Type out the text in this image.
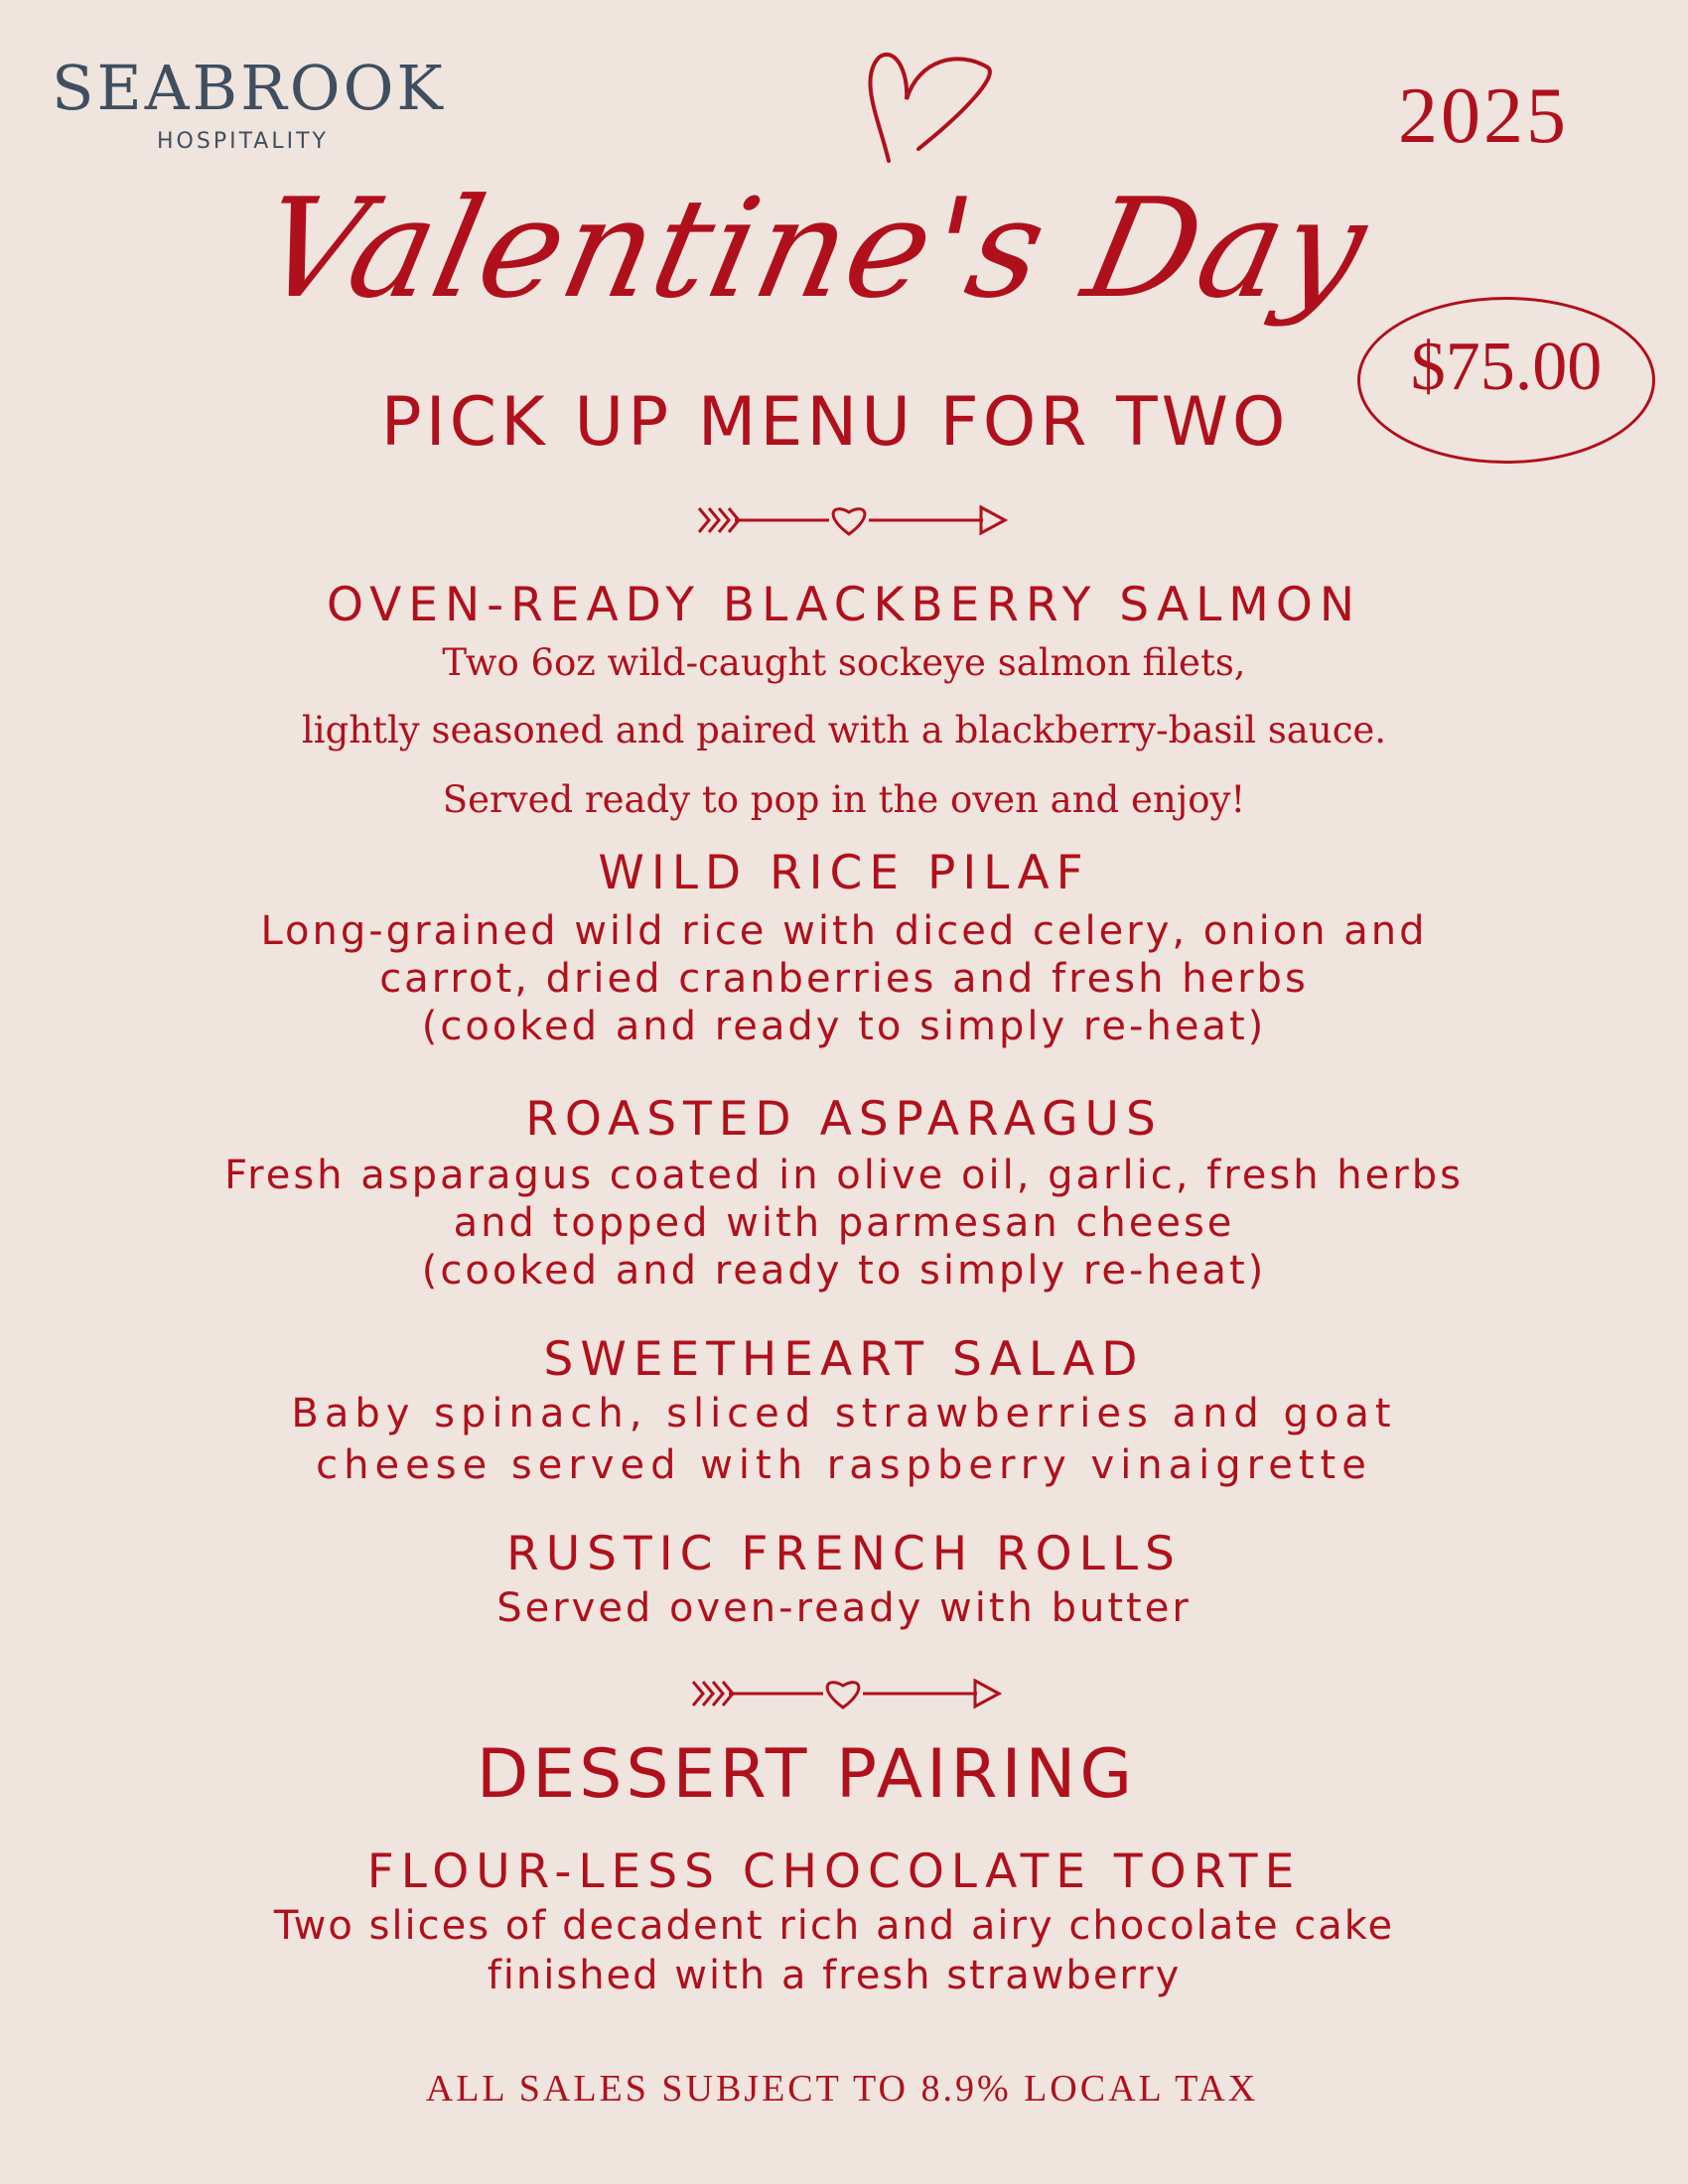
SEABROOK
HOSPITALITY	2025
Valentine's Day
$75.00
PICK UP MENU FOR TWO
OVEN-READY BLACKBERRY SALMON
Two 6oz wild-caught sockeye salmon filets,
lightly seasoned and paired with a blackberry-basil sauce.
Served ready to pop in the oven and enjoy!
WILD RICE PILAF
Long-grained wild rice with diced celery, onion and
carrot, dried cranberries and fresh herbs
(cooked and ready to simply re-heat)
ROASTED ASPARAGUS
Fresh asparagus coated in olive oil, garlic, fresh herbs
and topped with parmesan cheese
(cooked and ready to simply re-heat)
SWEETHEART SALAD
Baby spinach, sliced strawberries and goat
cheese served with raspberry vinaigrette
RUSTIC FRENCH ROLLS
Served oven-ready with butter
DESSERT PAIRING
FLOUR-LESS CHOCOLATE TORTE
Two slices of decadent rich and airy chocolate cake
finished with a fresh strawberry
ALL SALES SUBJECT TO 8.9% LOCAL TAX
